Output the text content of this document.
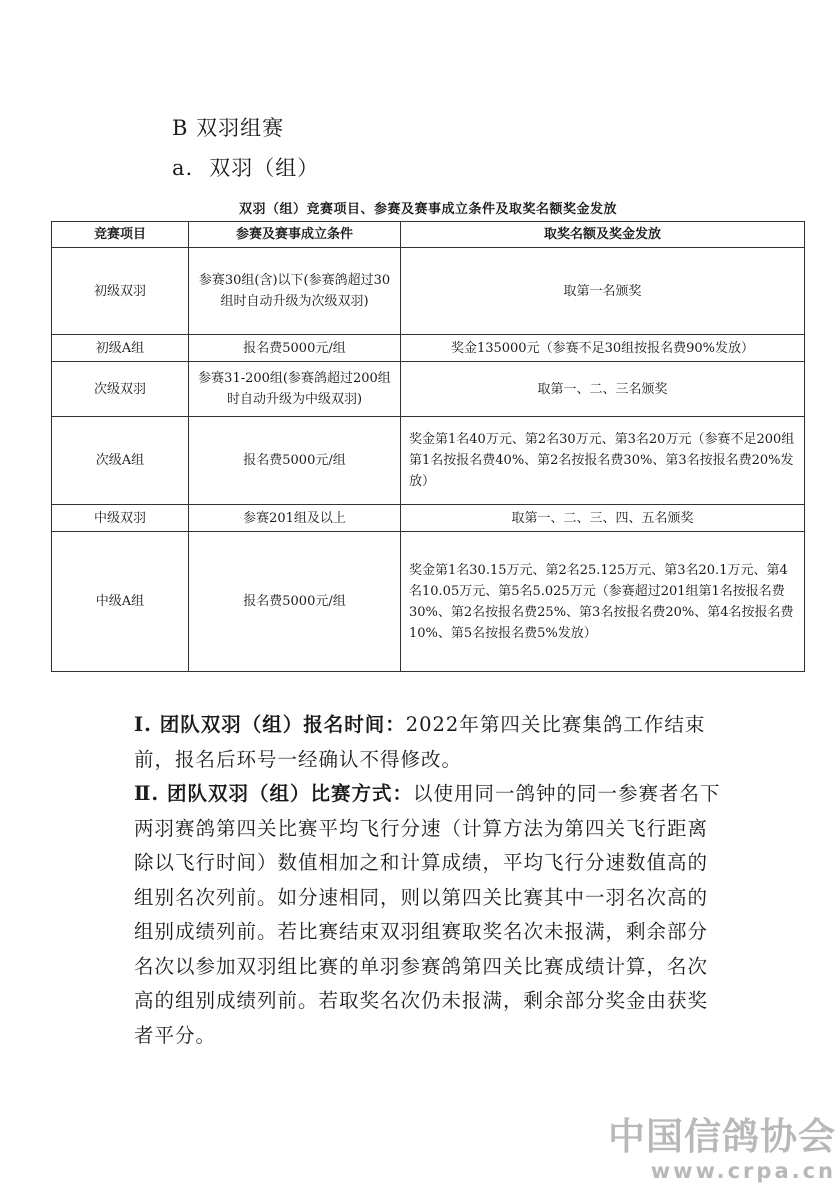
B 双羽组赛
a. 双羽（组）
双羽（组）竞赛项目、参赛及赛事成立条件及取奖名额奖金发放
竞赛项目	参赛及赛事成立条件	取奖名额及奖金发放
初级双羽	参赛30组(含)以下(参赛鸽超过30组时自动升级为次级双羽)	取第一名颁奖
初级A组	报名费5000元/组	奖金135000元（参赛不足30组按报名费90%发放）
次级双羽	参赛31-200组(参赛鸽超过200组时自动升级为中级双羽)	取第一、二、三名颁奖
次级A组	报名费5000元/组	奖金第1名40万元、第2名30万元、第3名20万元（参赛不足200组第1名按报名费40%、第2名按报名费30%、第3名按报名费20%发放）
中级双羽	参赛201组及以上	取第一、二、三、四、五名颁奖
中级A组	报名费5000元/组	奖金第1名30.15万元、第2名25.125万元、第3名20.1万元、第4名10.05万元、第5名5.025万元（参赛超过201组第1名按报名费30%、第2名按报名费25%、第3名按报名费20%、第4名按报名费10%、第5名按报名费5%发放）
Ⅰ. 团队双羽（组）报名时间：2022年第四关比赛集鸽工作结束前，报名后环号一经确认不得修改。
Ⅱ. 团队双羽（组）比赛方式：以使用同一鸽钟的同一参赛者名下两羽赛鸽第四关比赛平均飞行分速（计算方法为第四关飞行距离除以飞行时间）数值相加之和计算成绩，平均飞行分速数值高的组别名次列前。如分速相同，则以第四关比赛其中一羽名次高的组别成绩列前。若比赛结束双羽组赛取奖名次未报满，剩余部分名次以参加双羽组比赛的单羽参赛鸽第四关比赛成绩计算，名次高的组别成绩列前。若取奖名次仍未报满，剩余部分奖金由获奖者平分。
中国信鸽协会
www.crpa.cn
